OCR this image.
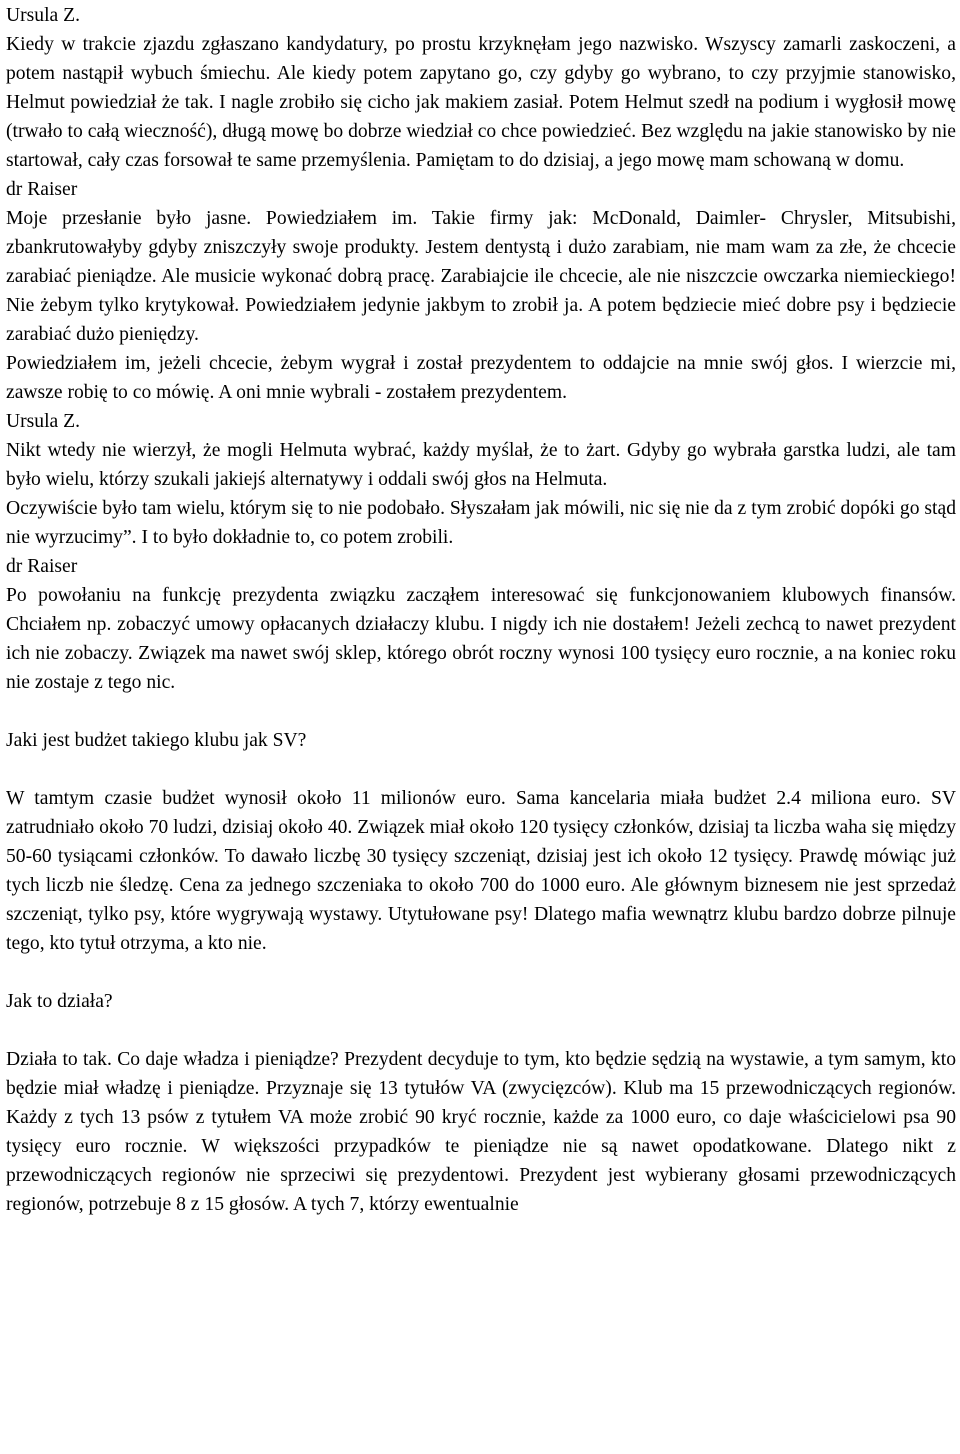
Ursula Z.

Kiedy w trakcie zjazdu zgłaszano kandydatury, po prostu krzyknęłam jego nazwisko. Wszyscy zamarli zaskoczeni, a potem nastąpił wybuch śmiechu. Ale kiedy potem zapytano go, czy gdyby go wybrano, to czy przyjmie stanowisko, Helmut powiedział że tak. I nagle zrobiło się cicho jak makiem zasiał. Potem Helmut szedł na podium i wygłosił mowę (trwało to całą wieczność), długą mowę bo dobrze wiedział co chce powiedzieć. Bez względu na jakie stanowisko by nie startował, cały czas forsował te same przemyślenia. Pamiętam to do dzisiaj, a jego mowę mam schowaną w domu.

dr Raiser

Moje przesłanie było jasne. Powiedziałem im. Takie firmy jak: McDonald, Daimler- Chrysler, Mitsubishi, zbankrutowałyby gdyby zniszczyły swoje produkty. Jestem dentystą i dużo zarabiam, nie mam wam za złe, że chcecie zarabiać pieniądze. Ale musicie wykonać dobrą pracę. Zarabiajcie ile chcecie, ale nie niszczcie owczarka niemieckiego! Nie żebym tylko krytykował. Powiedziałem jedynie jakbym to zrobił ja. A potem będziecie mieć dobre psy i będziecie zarabiać dużo pieniędzy.

Powiedziałem im, jeżeli chcecie, żebym wygrał i został prezydentem to oddajcie na mnie swój głos. I wierzcie mi, zawsze robię to co mówię. A oni mnie wybrali - zostałem prezydentem.

Ursula Z.

Nikt wtedy nie wierzył, że mogli Helmuta wybrać, każdy myślał, że to żart. Gdyby go wybrała garstka ludzi, ale tam było wielu, którzy szukali jakiejś alternatywy i oddali swój głos na Helmuta.

Oczywiście było tam wielu, którym się to nie podobało. Słyszałam jak mówili, nic się nie da z tym zrobić dopóki go stąd nie wyrzucimy”. I to było dokładnie to, co potem zrobili.

dr Raiser

Po powołaniu na funkcję prezydenta związku zacząłem interesować się funkcjonowaniem klubowych finansów. Chciałem np. zobaczyć umowy opłacanych działaczy klubu. I nigdy ich nie dostałem! Jeżeli zechcą to nawet prezydent ich nie zobaczy. Związek ma nawet swój sklep, którego obrót roczny wynosi 100 tysięcy euro rocznie, a na koniec roku nie zostaje z tego nic.

Jaki jest budżet takiego klubu jak SV?

W tamtym czasie budżet wynosił około 11 milionów euro. Sama kancelaria miała budżet 2.4 miliona euro. SV zatrudniało około 70 ludzi, dzisiaj około 40. Związek miał około 120 tysięcy członków, dzisiaj ta liczba waha się między 50-60 tysiącami członków. To dawało liczbę 30 tysięcy szczeniąt, dzisiaj jest ich około 12 tysięcy. Prawdę mówiąc już tych liczb nie śledzę. Cena za jednego szczeniaka to około 700 do 1000 euro. Ale głównym biznesem nie jest sprzedaż szczeniąt, tylko psy, które wygrywają wystawy. Utytułowane psy! Dlatego mafia wewnątrz klubu bardzo dobrze pilnuje tego, kto tytuł otrzyma, a kto nie.

Jak to działa?

Działa to tak. Co daje władza i pieniądze? Prezydent decyduje to tym, kto będzie sędzią na wystawie, a tym samym, kto będzie miał władzę i pieniądze. Przyznaje się 13 tytułów VA (zwycięzców). Klub ma 15 przewodniczących regionów. Każdy z tych 13 psów z tytułem VA może zrobić 90 kryć rocznie, każde za 1000 euro, co daje właścicielowi psa 90 tysięcy euro rocznie. W większości przypadków te pieniądze nie są nawet opodatkowane. Dlatego nikt z przewodniczących regionów nie sprzeciwi się prezydentowi. Prezydent jest wybierany głosami przewodniczących regionów, potrzebuje 8 z 15 głosów. A tych 7, którzy ewentualnie
